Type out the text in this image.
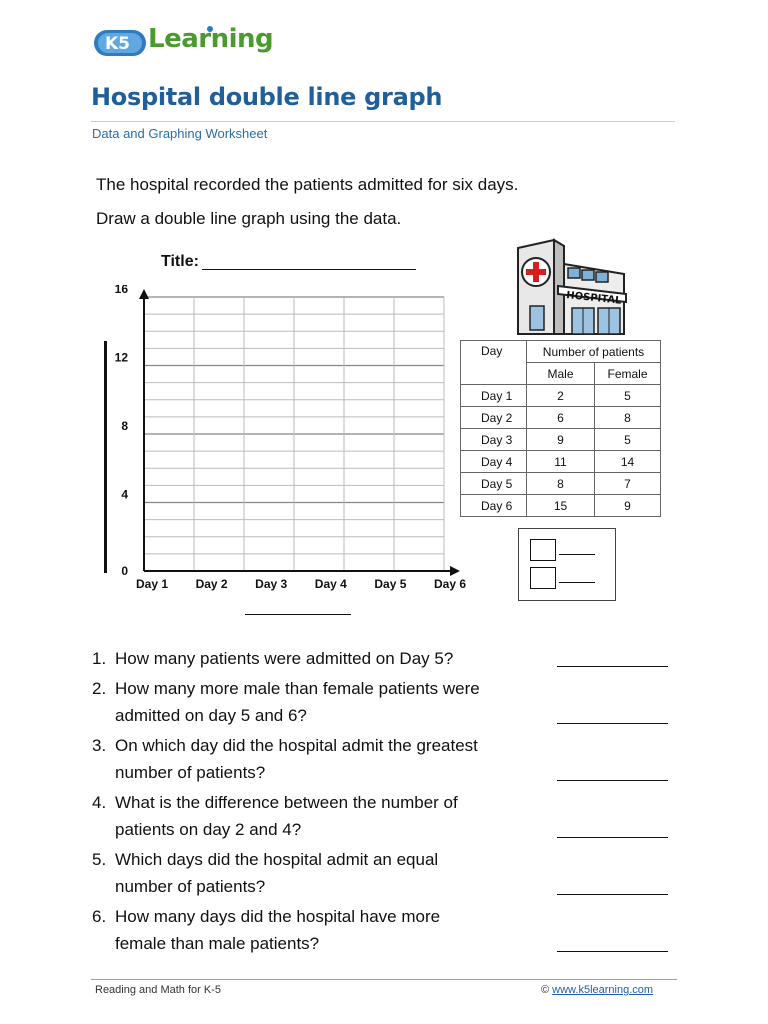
K5 Learning
Hospital double line graph
Data and Graphing Worksheet
The hospital recorded the patients admitted for six days.
Draw a double line graph using the data.
Title:
0
4
8
12
16
Day 1 Day 2 Day 3 Day 4 Day 5 Day 6
HOSPITAL
Day	Number of patients	
	Male	Female
Day 1	2	5
Day 2	6	8
Day 3	9	5
Day 4	11	14
Day 5	8	7
Day 6	15	9
1. How many patients were admitted on Day 5?
2. How many more male than female patients were
admitted on day 5 and 6?
3. On which day did the hospital admit the greatest
number of patients?
4. What is the difference between the number of
patients on day 2 and 4?
5. Which days did the hospital admit an equal
number of patients?
6. How many days did the hospital have more
female than male patients?
Reading and Math for K-5	© www.k5learning.com
